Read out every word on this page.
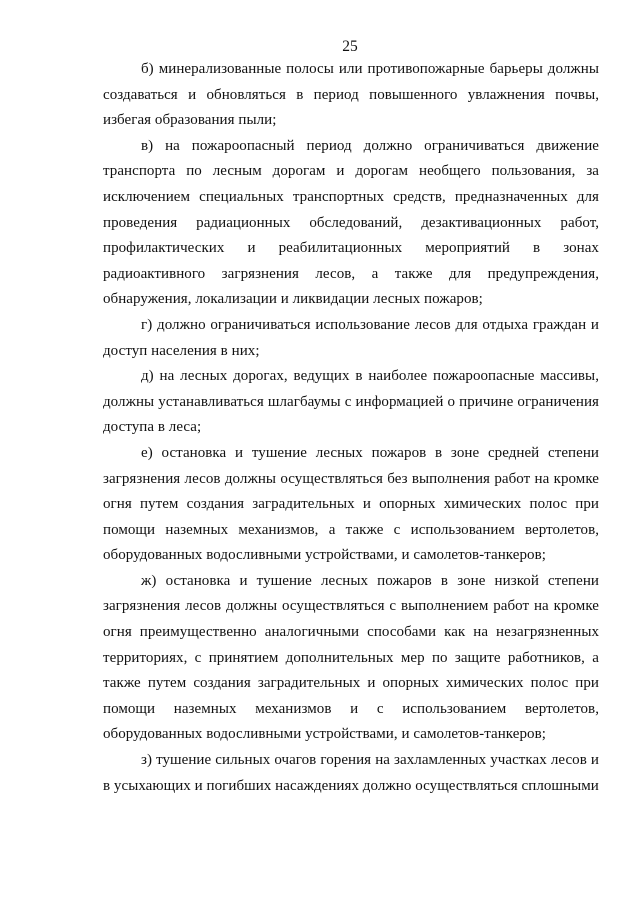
25

б) минерализованные полосы или противопожарные барьеры должны создаваться и обновляться в период повышенного увлажнения почвы, избегая образования пыли;

в) на пожароопасный период должно ограничиваться движение транспорта по лесным дорогам и дорогам необщего пользования, за исключением специальных транспортных средств, предназначенных для проведения радиационных обследований, дезактивационных работ, профилактических и реабилитационных мероприятий в зонах радиоактивного загрязнения лесов, а также для предупреждения, обнаружения, локализации и ликвидации лесных пожаров;

г) должно ограничиваться использование лесов для отдыха граждан и доступ населения в них;

д) на лесных дорогах, ведущих в наиболее пожароопасные массивы, должны устанавливаться шлагбаумы с информацией о причине ограничения доступа в леса;

е) остановка и тушение лесных пожаров в зоне средней степени загрязнения лесов должны осуществляться без выполнения работ на кромке огня путем создания заградительных и опорных химических полос при помощи наземных механизмов, а также с использованием вертолетов, оборудованных водосливными устройствами, и самолетов-танкеров;

ж) остановка и тушение лесных пожаров в зоне низкой степени загрязнения лесов должны осуществляться с выполнением работ на кромке огня преимущественно аналогичными способами как на незагрязненных территориях, с принятием дополнительных мер по защите работников, а также путем создания заградительных и опорных химических полос при помощи наземных механизмов и с использованием вертолетов, оборудованных водосливными устройствами, и самолетов-танкеров;

з) тушение сильных очагов горения на захламленных участках лесов и в усыхающих и погибших насаждениях должно осуществляться сплошными
